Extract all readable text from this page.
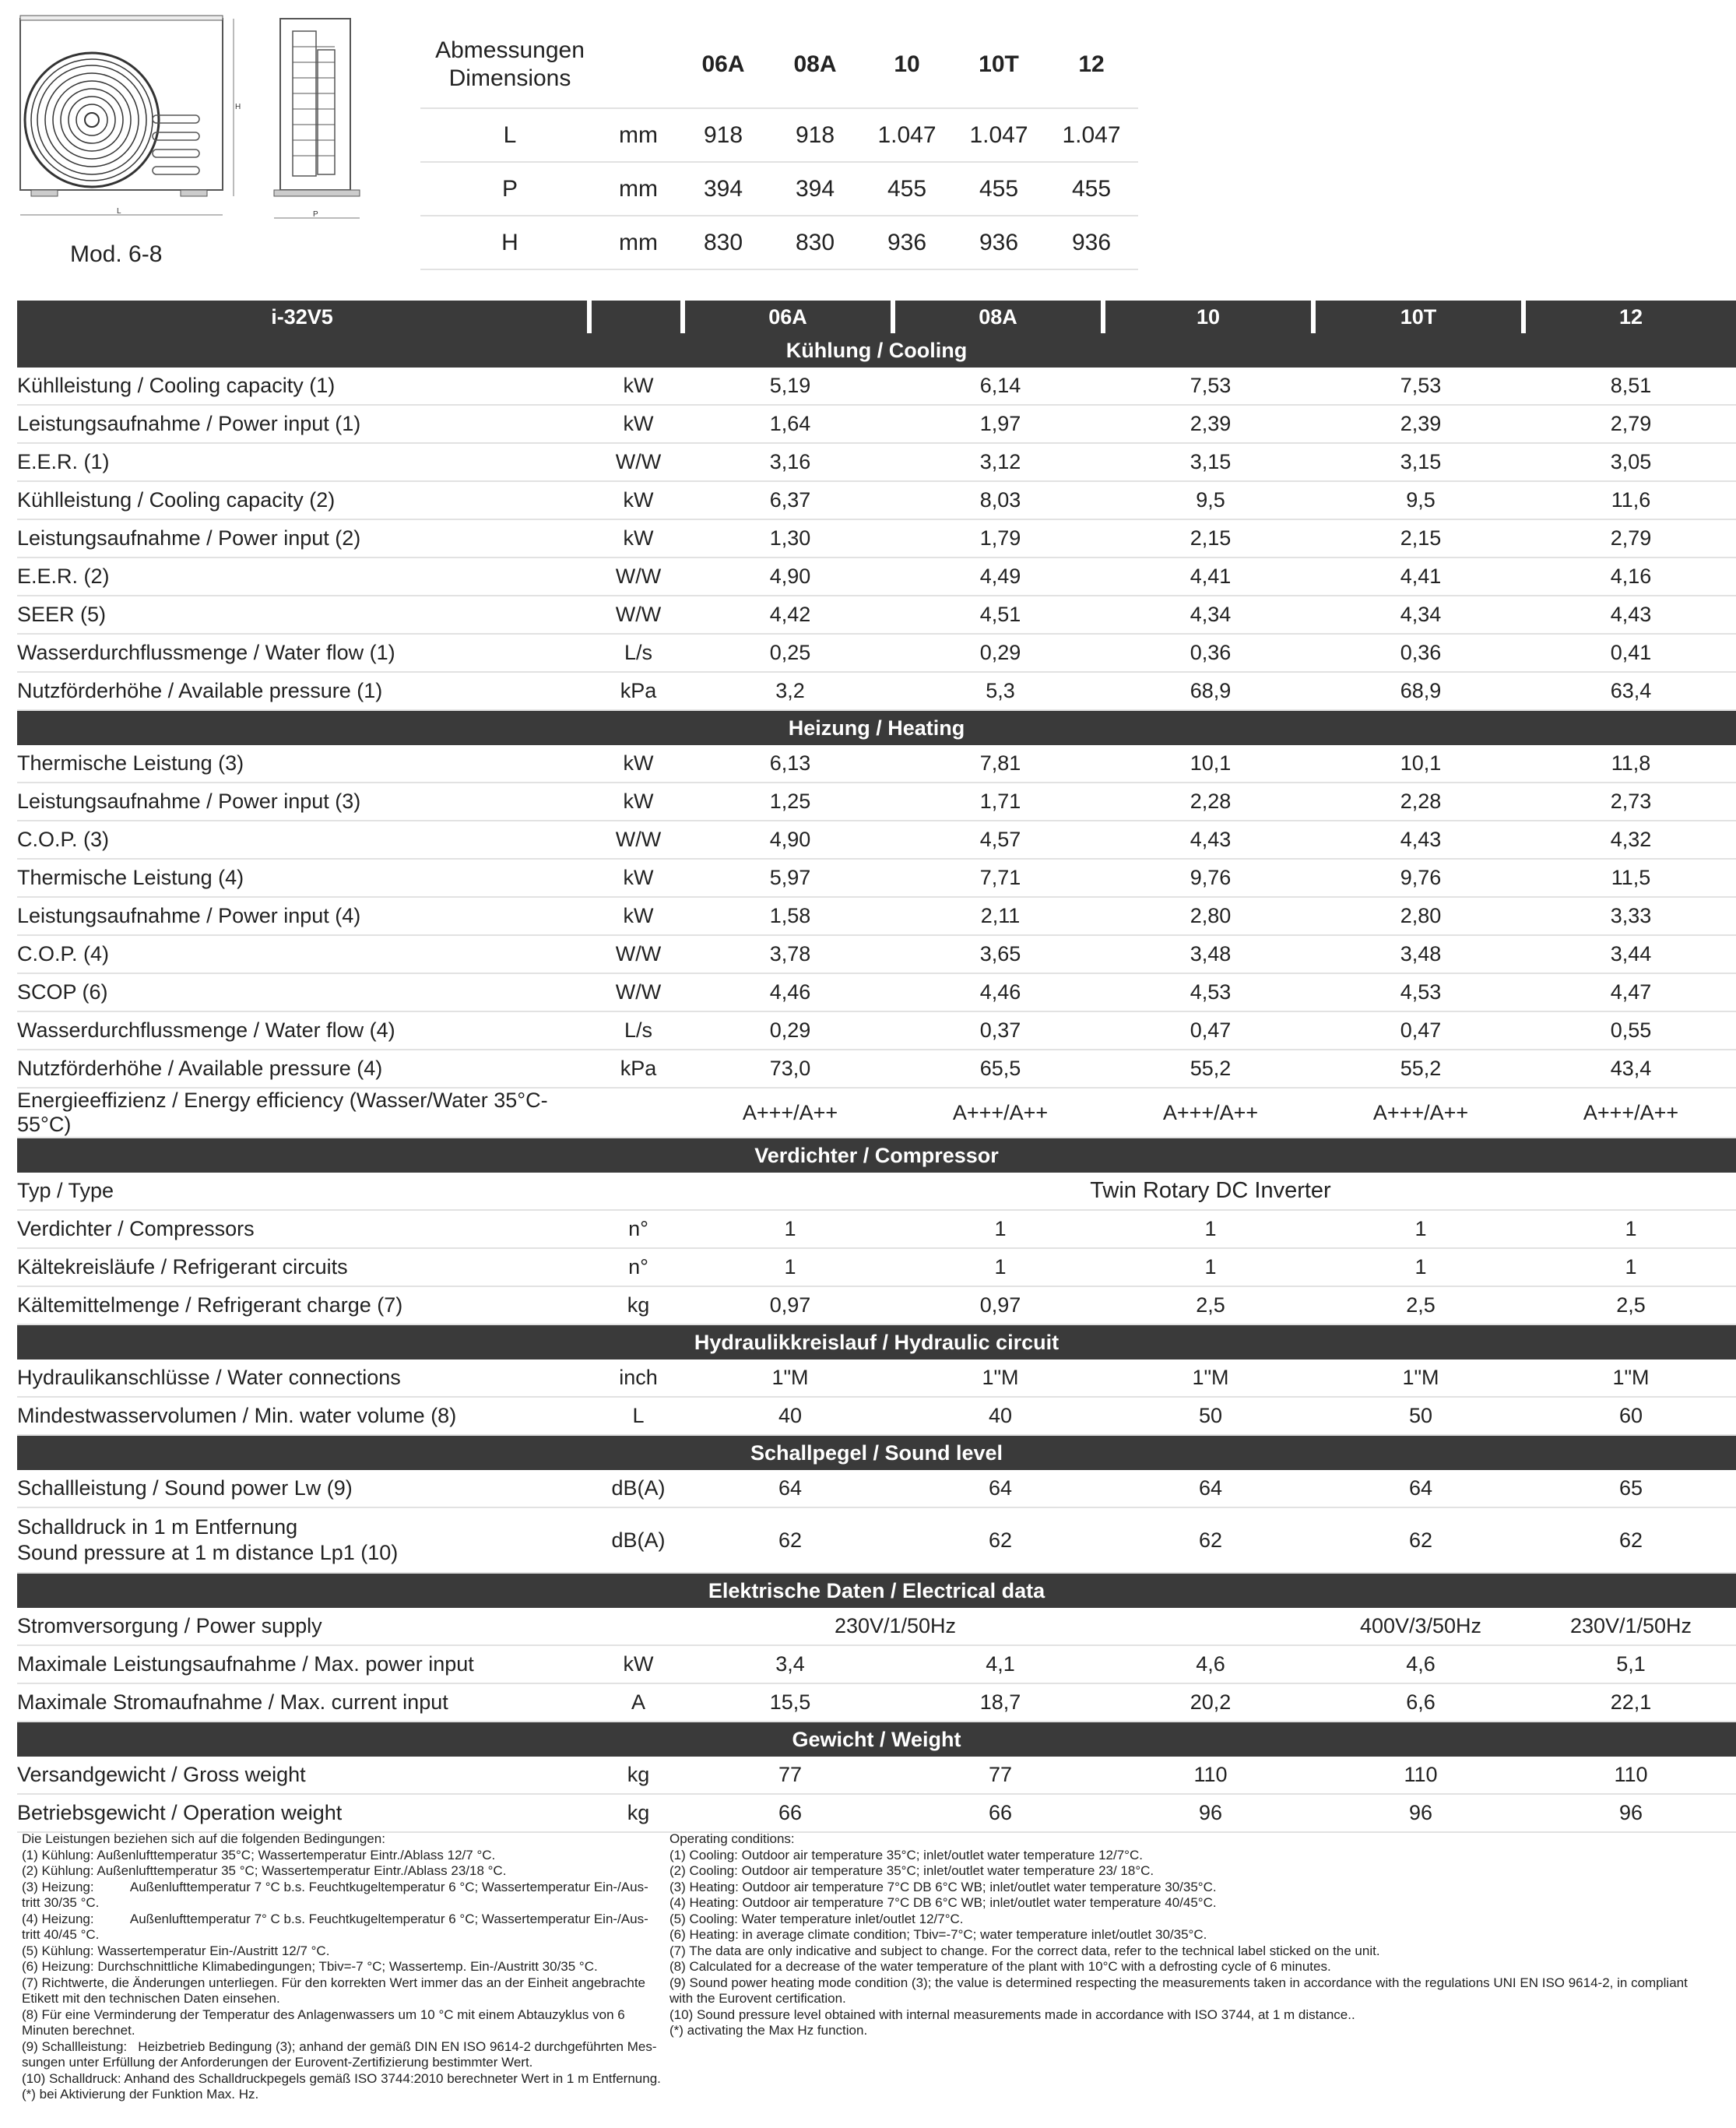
H
L	P
Mod. 6-8
Abmessungen
Dimensions		06A	08A	10	10T	12
L	mm	918	918	1.047	1.047	1.047
P	mm	394	394	455	455	455
H	mm	830	830	936	936	936
i-32V5		06A	08A	10	10T	12
Kühlung / Cooling						
Kühlleistung / Cooling capacity (1)	kW	5,19	6,14	7,53	7,53	8,51
Leistungsaufnahme / Power input (1)	kW	1,64	1,97	2,39	2,39	2,79
E.E.R. (1)	W/W	3,16	3,12	3,15	3,15	3,05
Kühlleistung / Cooling capacity (2)	kW	6,37	8,03	9,5	9,5	11,6
Leistungsaufnahme / Power input (2)	kW	1,30	1,79	2,15	2,15	2,79
E.E.R. (2)	W/W	4,90	4,49	4,41	4,41	4,16
SEER (5)	W/W	4,42	4,51	4,34	4,34	4,43
Wasserdurchflussmenge / Water flow (1)	L/s	0,25	0,29	0,36	0,36	0,41
Nutzförderhöhe / Available pressure (1)	kPa	3,2	5,3	68,9	68,9	63,4
Heizung / Heating						
Thermische Leistung (3)	kW	6,13	7,81	10,1	10,1	11,8
Leistungsaufnahme / Power input (3)	kW	1,25	1,71	2,28	2,28	2,73
C.O.P. (3)	W/W	4,90	4,57	4,43	4,43	4,32
Thermische Leistung (4)	kW	5,97	7,71	9,76	9,76	11,5
Leistungsaufnahme / Power input (4)	kW	1,58	2,11	2,80	2,80	3,33
C.O.P. (4)	W/W	3,78	3,65	3,48	3,48	3,44
SCOP (6)	W/W	4,46	4,46	4,53	4,53	4,47
Wasserdurchflussmenge / Water flow (4)	L/s	0,29	0,37	0,47	0,47	0,55
Nutzförderhöhe / Available pressure (4)	kPa	73,0	65,5	55,2	55,2	43,4
Energieeffizienz / Energy efficiency (Wasser/Water 35°C-55°C)		A+++/A++	A+++/A++	A+++/A++	A+++/A++	A+++/A++
Verdichter / Compressor						
Typ / Type		Twin Rotary DC Inverter				
Verdichter / Compressors	n°	1	1	1	1	1
Kältekreisläufe / Refrigerant circuits	n°	1	1	1	1	1
Kältemittelmenge / Refrigerant charge (7)	kg	0,97	0,97	2,5	2,5	2,5
Hydraulikkreislauf / Hydraulic circuit						
Hydraulikanschlüsse / Water connections	inch	1"M	1"M	1"M	1"M	1"M
Mindestwasservolumen / Min. water volume (8)	L	40	40	50	50	60
Schallpegel / Sound level						
Schallleistung / Sound power Lw (9)	dB(A)	64	64	64	64	65
Schalldruck in 1 m Entfernung
Sound pressure at 1 m distance Lp1 (10)	dB(A)	62	62	62	62	62
Elektrische Daten / Electrical data						
Stromversorgung / Power supply		230V/1/50Hz			400V/3/50Hz	230V/1/50Hz
Maximale Leistungsaufnahme / Max. power input	kW	3,4	4,1	4,6	4,6	5,1
Maximale Stromaufnahme / Max. current input	A	15,5	18,7	20,2	6,6	22,1
Gewicht / Weight						
Versandgewicht / Gross weight	kg	77	77	110	110	110
Betriebsgewicht / Operation weight	kg	66	66	96	96	96
Die Leistungen beziehen sich auf die folgenden Bedingungen:
(1) Kühlung: Außenlufttemperatur 35°C; Wassertemperatur Eintr./Ablass 12/7 °C.
(2) Kühlung: Außenlufttemperatur 35 °C; Wassertemperatur Eintr./Ablass 23/18 °C.
(3) Heizung:          Außenlufttemperatur 7 °C b.s. Feuchtkugeltemperatur 6 °C; Wassertemperatur Ein-/Aus-
tritt 30/35 °C.
(4) Heizung:          Außenlufttemperatur 7° C b.s. Feuchtkugeltemperatur 6 °C; Wassertemperatur Ein-/Aus-
tritt 40/45 °C.
(5) Kühlung: Wassertemperatur Ein-/Austritt 12/7 °C.
(6) Heizung: Durchschnittliche Klimabedingungen; Tbiv=-7 °C; Wassertemp. Ein-/Austritt 30/35 °C.
(7) Richtwerte, die Änderungen unterliegen. Für den korrekten Wert immer das an der Einheit angebrachte
Etikett mit den technischen Daten einsehen.
(8) Für eine Verminderung der Temperatur des Anlagenwassers um 10 °C mit einem Abtauzyklus von 6
Minuten berechnet.
(9) Schallleistung:   Heizbetrieb Bedingung (3); anhand der gemäß DIN EN ISO 9614-2 durchgeführten Mes-
sungen unter Erfüllung der Anforderungen der Eurovent-Zertifizierung bestimmter Wert.
(10) Schalldruck: Anhand des Schalldruckpegels gemäß ISO 3744:2010 berechneter Wert in 1 m Entfernung.
(*) bei Aktivierung der Funktion Max. Hz.
Operating conditions:
(1) Cooling: Outdoor air temperature 35°C; inlet/outlet water temperature 12/7°C.
(2) Cooling: Outdoor air temperature 35°C; inlet/outlet water temperature 23/ 18°C.
(3) Heating: Outdoor air temperature 7°C DB 6°C WB; inlet/outlet water temperature 30/35°C.
(4) Heating: Outdoor air temperature 7°C DB 6°C WB; inlet/outlet water temperature 40/45°C.
(5) Cooling: Water temperature inlet/outlet 12/7°C.
(6) Heating: in average climate condition; Tbiv=-7°C; water temperature inlet/outlet 30/35°C.
(7) The data are only indicative and subject to change. For the correct data, refer to the technical label sticked on the unit.
(8) Calculated for a decrease of the water temperature of the plant with 10°C with a defrosting cycle of 6 minutes.
(9) Sound power heating mode condition (3); the value is determined respecting the measurements taken in accordance with the regulations UNI EN ISO 9614-2, in compliant
with the Eurovent certification.
(10) Sound pressure level obtained with internal measurements made in accordance with ISO 3744, at 1 m distance..
(*) activating the Max Hz function.
